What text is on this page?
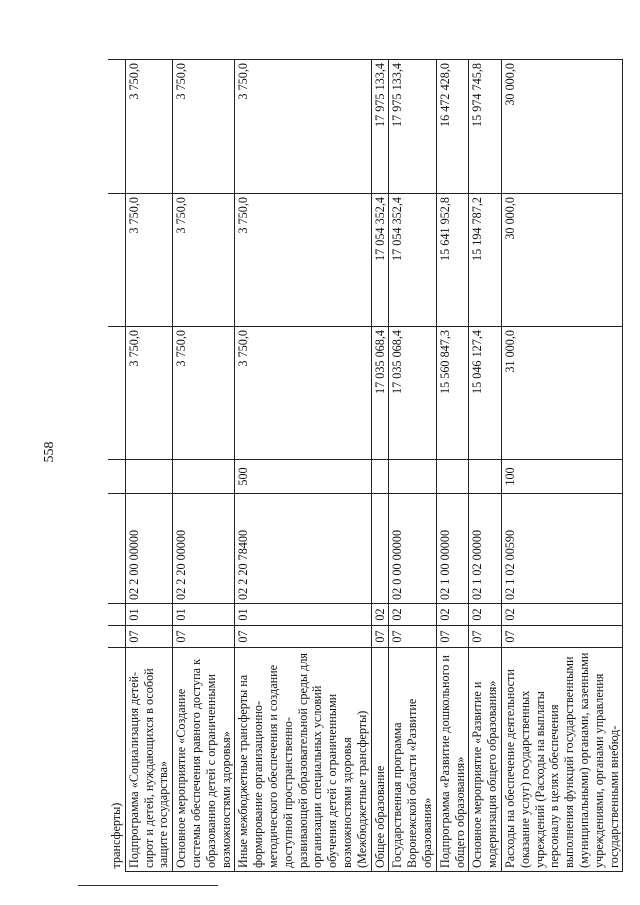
558
трансферты)							
Подпрограмма «Социализация детей-сирот и детей, нуждающихся в особой защите государства»	07	01	02 2 00 00000		3 750,0	3 750,0	3 750,0
Основное мероприятие «Создание системы обеспечения равного доступа к образованию детей с ограниченными возможностями здоровья»	07	01	02 2 20 00000		3 750,0	3 750,0	3 750,0
Иные межбюджетные трансферты на формирование организационно-методического обеспечения и создание доступной пространственно-развивающей образовательной среды для организации специальных условий обучения детей с ограниченными возможностями здоровья (Межбюджетные трансферты)	07	01	02 2 20 78400	500	3 750,0	3 750,0	3 750,0
Общее образование	07	02			17 035 068,4	17 054 352,4	17 975 133,4
Государственная программа Воронежской области «Развитие образования»	07	02	02 0 00 00000		17 035 068,4	17 054 352,4	17 975 133,4
Подпрограмма «Развитие дошкольного и общего образования»	07	02	02 1 00 00000		15 560 847,3	15 641 952,8	16 472 428,0
Основное мероприятие «Развитие и модернизация общего образования»	07	02	02 1 02 00000		15 046 127,4	15 194 787,2	15 974 745,8
Расходы на обеспечение деятельности (оказание услуг) государственных учреждений (Расходы на выплаты персоналу в целях обеспечения выполнения функций государственными (муниципальными) органами, казенными учреждениями, органами управления государственными внебюд-	07	02	02 1 02 00590	100	31 000,0	30 000,0	30 000,0
